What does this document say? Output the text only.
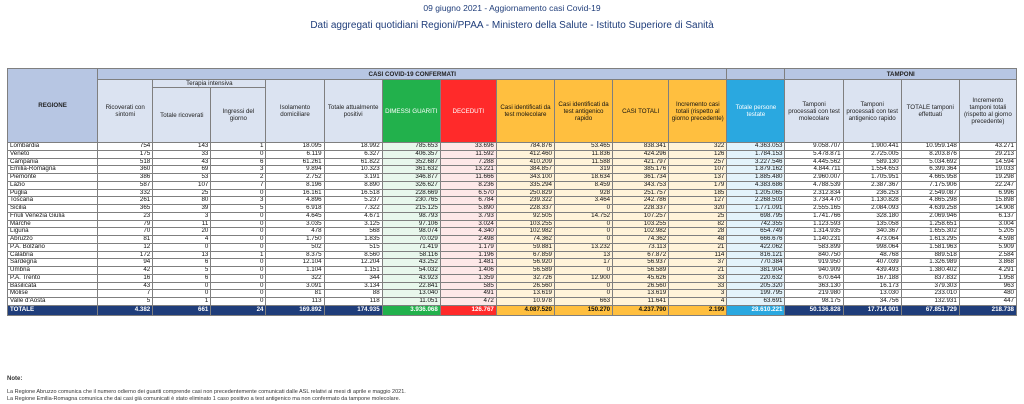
09 giugno 2021 - Aggiornamento casi Covid-19
Dati aggregati quotidiani Regioni/PPAA - Ministero della Salute - Istituto Superiore di Sanità
REGIONE	CASI COVID-19 CONFERMATI												TAMPONI			
	Ricoverati con sintomi	Terapia intensiva		Isolamento domiciliare	Totale attualmente positivi	DIMESSI GUARITI	DECEDUTI	Casi identificati da test molecolare	Casi identificati da test antigenico rapido	CASI TOTALI	Incremento casi totali (rispetto al giorno precedente)	Totale persone testate	Tamponi processati con test molecolare	Tamponi processati con test antigenico rapido	TOTALE tamponi effettuati	Incremento tamponi totali (rispetto al giorno precedente)
		Totale ricoverati	Ingressi del giorno													
Lombardia	754	143	1	18.095	18.992	785.653	33.696	784.876	53.465	838.341	322	4.363.053	9.058.707	1.900.441	10.959.148	43.271
Veneto	175	33	0	6.119	6.327	406.357	11.592	412.460	11.836	424.296	126	1.784.153	5.478.871	2.725.005	8.203.876	29.213
Campania	518	43	6	61.261	61.822	352.687	7.288	410.209	11.588	421.797	257	3.227.546	4.445.562	589.130	5.034.692	14.594
Emilia-Romagna	360	69	3	9.894	10.323	361.632	13.221	384.857	319	385.176	107	1.879.162	4.844.711	1.554.653	6.399.364	19.033
Piemonte	386	53	2	2.752	3.191	346.877	11.666	343.100	18.634	361.734	137	1.885.480	2.960.007	1.705.951	4.665.958	19.298
Lazio	587	107	7	8.196	8.890	326.627	8.236	335.294	8.459	343.753	179	4.383.686	4.788.539	2.387.367	7.175.906	22.247
Puglia	332	25	0	16.161	16.518	228.669	6.570	250.829	928	251.757	185	1.205.065	2.312.834	236.253	2.549.087	6.996
Toscana	261	80	3	4.896	5.237	230.765	6.784	239.322	3.464	242.786	127	2.268.503	3.734.470	1.130.828	4.865.298	15.898
Sicilia	365	39	5	6.918	7.322	215.125	5.890	228.337	0	228.337	320	1.771.091	2.555.165	2.084.093	4.639.258	14.908
Friuli Venezia Giulia	23	3	0	4.645	4.671	98.793	3.793	92.505	14.752	107.257	25	698.795	1.741.766	328.180	2.069.946	6.137
Marche	79	11	0	3.035	3.125	97.106	3.024	103.255	0	103.255	82	742.355	1.123.593	135.058	1.258.651	3.004
Liguria	70	20	0	478	568	98.074	4.340	102.982	0	102.982	28	654.749	1.314.935	340.367	1.655.302	5.205
Abruzzo	81	4	0	1.750	1.835	70.029	2.498	74.362	0	74.362	48	666.676	1.140.231	473.064	1.613.295	4.598
P.A. Bolzano	12	0	0	502	515	71.419	1.179	59.881	13.232	73.113	21	422.062	583.899	998.064	1.581.963	5.909
Calabria	172	13	1	8.375	8.560	58.116	1.196	67.859	13	67.872	114	816.121	840.750	48.768	889.518	2.584
Sardegna	94	6	0	12.104	12.204	43.252	1.481	56.920	17	56.937	37	770.384	919.950	407.039	1.326.989	3.868
Umbria	42	5	0	1.104	1.151	54.032	1.406	56.589	0	56.589	21	381.904	940.909	439.493	1.380.402	4.291
P.A. Trento	16	6	0	322	344	43.923	1.359	32.726	12.900	45.626	33	220.632	670.644	167.188	837.832	1.958
Basilicata	43	0	0	3.091	3.134	22.841	585	26.560	0	26.560	33	205.320	363.130	16.173	379.303	963
Molise	7	0	0	81	88	13.040	491	13.619	0	13.619	3	199.795	219.980	13.030	233.010	480
Valle d'Aosta	5	1	0	113	118	11.051	472	10.978	663	11.641	4	63.691	98.175	34.756	132.931	447
TOTALE	4.382	661	24	169.892	174.935	3.936.068	126.767	4.087.520	150.270	4.237.790	2.199	28.610.221	50.136.828	17.714.901	67.851.729	218.738
Note:
La Regione Abruzzo comunica che il numero odierno dei guariti comprende casi non precedentemente comunicati dalle ASL relativi ai mesi di aprile e maggio 2021.
La Regione Emilia-Romagna comunica che dai casi già comunicati è stato eliminato 1 caso positivo a test antigenico ma non confermato da tampone molecolare.
